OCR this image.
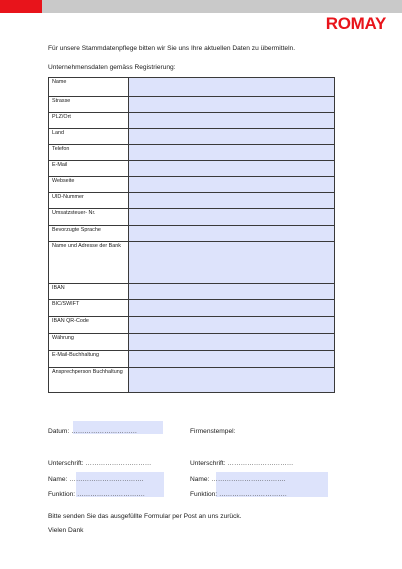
ROMAY
Für unsere Stammdatenpflege bitten wir Sie uns Ihre aktuellen Daten zu übermitteln.
Unternehmensdaten gemäss Registrierung:
Name	
Strasse	
PLZ/Ort	
Land	
Telefon	
E-Mail	
Webseite	
UID-Nummer	
Umsatzsteuer- Nr.	
Bevorzugte Sprache	
Name und Adresse der Bank	
IBAN	
BIC/SWIFT	
IBAN QR-Code	
Währung	
E-Mail-Buchhaltung	
Ansprechperson Buchhaltung	
Datum: …………………………	Firmenstempel:
Unterschrift: …………………………
Name: …………………………….
Funktion: ………………………….
Unterschrift: …………………………
Name: …………………………….
Funktion: ………………………….
Bitte senden Sie das ausgefüllte Formular per Post an uns zurück.
Vielen Dank
